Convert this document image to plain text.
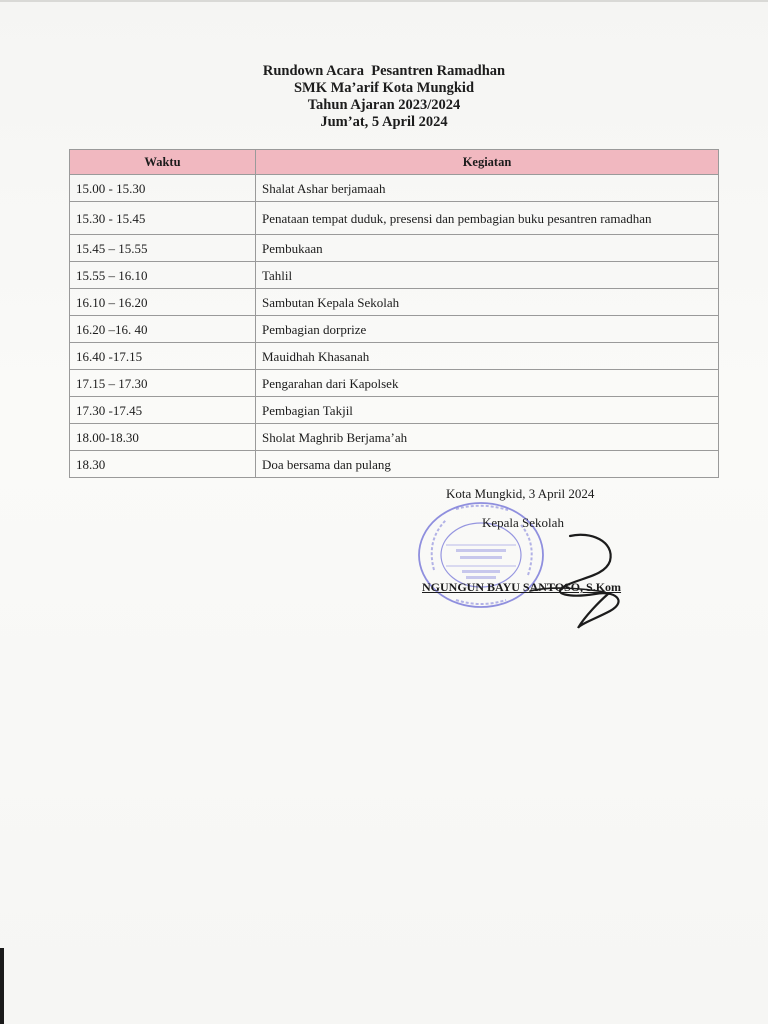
Rundown Acara  Pesantren Ramadhan
SMK Ma’arif Kota Mungkid
Tahun Ajaran 2023/2024
Jum’at, 5 April 2024
Waktu	Kegiatan
15.00 - 15.30	Shalat Ashar berjamaah
15.30 - 15.45	Penataan tempat duduk, presensi dan pembagian buku pesantren ramadhan
15.45 – 15.55	Pembukaan
15.55 – 16.10	Tahlil
16.10 – 16.20	Sambutan Kepala Sekolah
16.20 –16. 40	Pembagian dorprize
16.40 -17.15	Mauidhah Khasanah
17.15 – 17.30	Pengarahan dari Kapolsek
17.30 -17.45	Pembagian Takjil
18.00-18.30	Sholat Maghrib Berjama’ah
18.30	Doa bersama dan pulang
Kota Mungkid, 3 April 2024
Kepala Sekolah
NGUNGUN BAYU SANTOSO, S.Kom
